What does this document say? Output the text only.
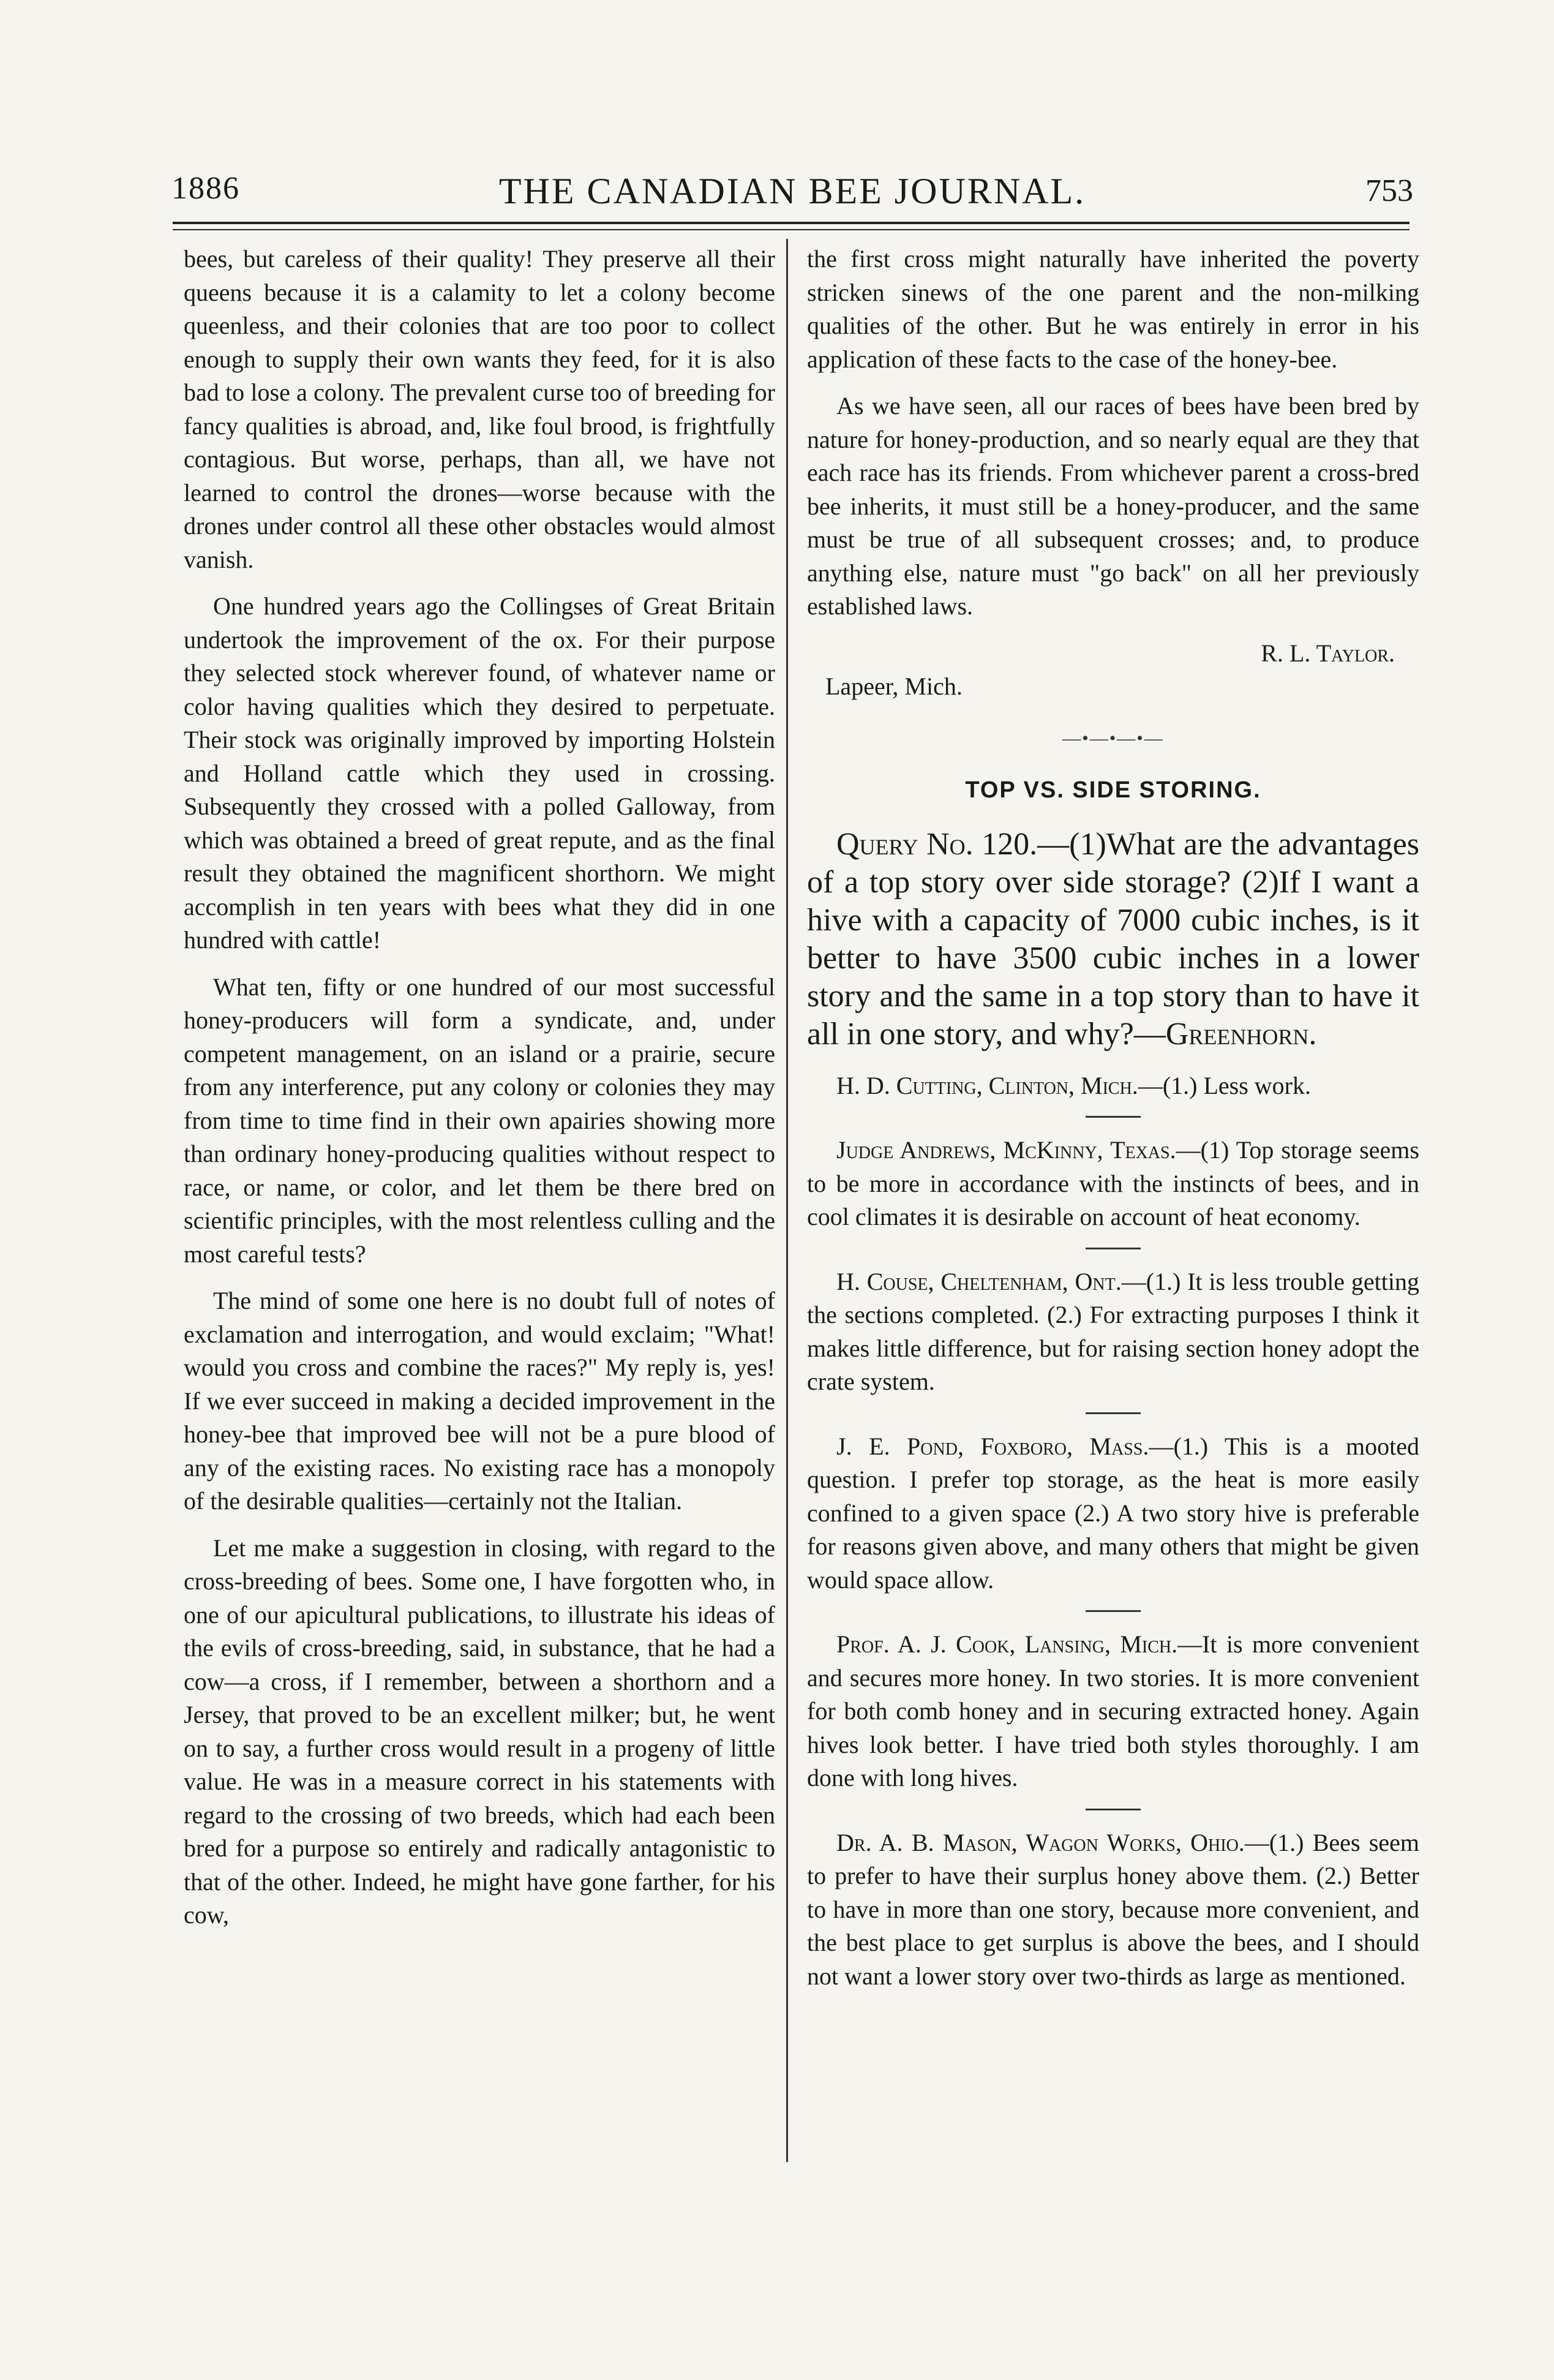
1886	THE CANADIAN BEE JOURNAL.	753

bees, but careless of their quality! They preserve all their queens because it is a calamity to let a colony become queenless, and their colonies that are too poor to collect enough to supply their own wants they feed, for it is also bad to lose a colony. The prevalent curse too of breeding for fancy qualities is abroad, and, like foul brood, is frightfully contagious. But worse, perhaps, than all, we have not learned to control the drones—worse because with the drones under control all these other obstacles would almost vanish.

One hundred years ago the Collingses of Great Britain undertook the improvement of the ox. For their purpose they selected stock wherever found, of whatever name or color having qualities which they desired to perpetuate. Their stock was originally improved by importing Holstein and Holland cattle which they used in crossing. Subsequently they crossed with a polled Galloway, from which was obtained a breed of great repute, and as the final result they obtained the magnificent shorthorn. We might accomplish in ten years with bees what they did in one hundred with cattle!

What ten, fifty or one hundred of our most successful honey-producers will form a syndicate, and, under competent management, on an island or a prairie, secure from any interference, put any colony or colonies they may from time to time find in their own apairies showing more than ordinary honey-producing qualities without respect to race, or name, or color, and let them be there bred on scientific principles, with the most relentless culling and the most careful tests?

The mind of some one here is no doubt full of notes of exclamation and interrogation, and would exclaim; "What! would you cross and combine the races?" My reply is, yes! If we ever succeed in making a decided improvement in the honey-bee that improved bee will not be a pure blood of any of the existing races. No existing race has a monopoly of the desirable qualities—certainly not the Italian.

Let me make a suggestion in closing, with regard to the cross-breeding of bees. Some one, I have forgotten who, in one of our apicultural publications, to illustrate his ideas of the evils of cross-breeding, said, in substance, that he had a cow—a cross, if I remember, between a shorthorn and a Jersey, that proved to be an excellent milker; but, he went on to say, a further cross would result in a progeny of little value. He was in a measure correct in his statements with regard to the crossing of two breeds, which had each been bred for a purpose so entirely and radically antagonistic to that of the other. Indeed, he might have gone farther, for his cow,

the first cross might naturally have inherited the poverty stricken sinews of the one parent and the non-milking qualities of the other. But he was entirely in error in his application of these facts to the case of the honey-bee.

As we have seen, all our races of bees have been bred by nature for honey-production, and so nearly equal are they that each race has its friends. From whichever parent a cross-bred bee inherits, it must still be a honey-producer, and the same must be true of all subsequent crosses; and, to produce anything else, nature must "go back" on all her previously established laws.

R. L. Taylor.
Lapeer, Mich.
—•—•—•—
TOP VS. SIDE STORING.
Query No. 120.—(1)What are the advantages of a top story over side storage? (2)If I want a hive with a capacity of 7000 cubic inches, is it better to have 3500 cubic inches in a lower story and the same in a top story than to have it all in one story, and why?—Greenhorn.

H. D. Cutting, Clinton, Mich.—(1.) Less work.

Judge Andrews, McKinny, Texas.—(1) Top storage seems to be more in accordance with the instincts of bees, and in cool climates it is desirable on account of heat economy.

H. Couse, Cheltenham, Ont.—(1.) It is less trouble getting the sections completed. (2.) For extracting purposes I think it makes little difference, but for raising section honey adopt the crate system.

J. E. Pond, Foxboro, Mass.—(1.) This is a mooted question. I prefer top storage, as the heat is more easily confined to a given space (2.) A two story hive is preferable for reasons given above, and many others that might be given would space allow.

Prof. A. J. Cook, Lansing, Mich.—It is more convenient and secures more honey. In two stories. It is more convenient for both comb honey and in securing extracted honey. Again hives look better. I have tried both styles thoroughly. I am done with long hives.

Dr. A. B. Mason, Wagon Works, Ohio.—(1.) Bees seem to prefer to have their surplus honey above them. (2.) Better to have in more than one story, because more convenient, and the best place to get surplus is above the bees, and I should not want a lower story over two-thirds as large as mentioned.
